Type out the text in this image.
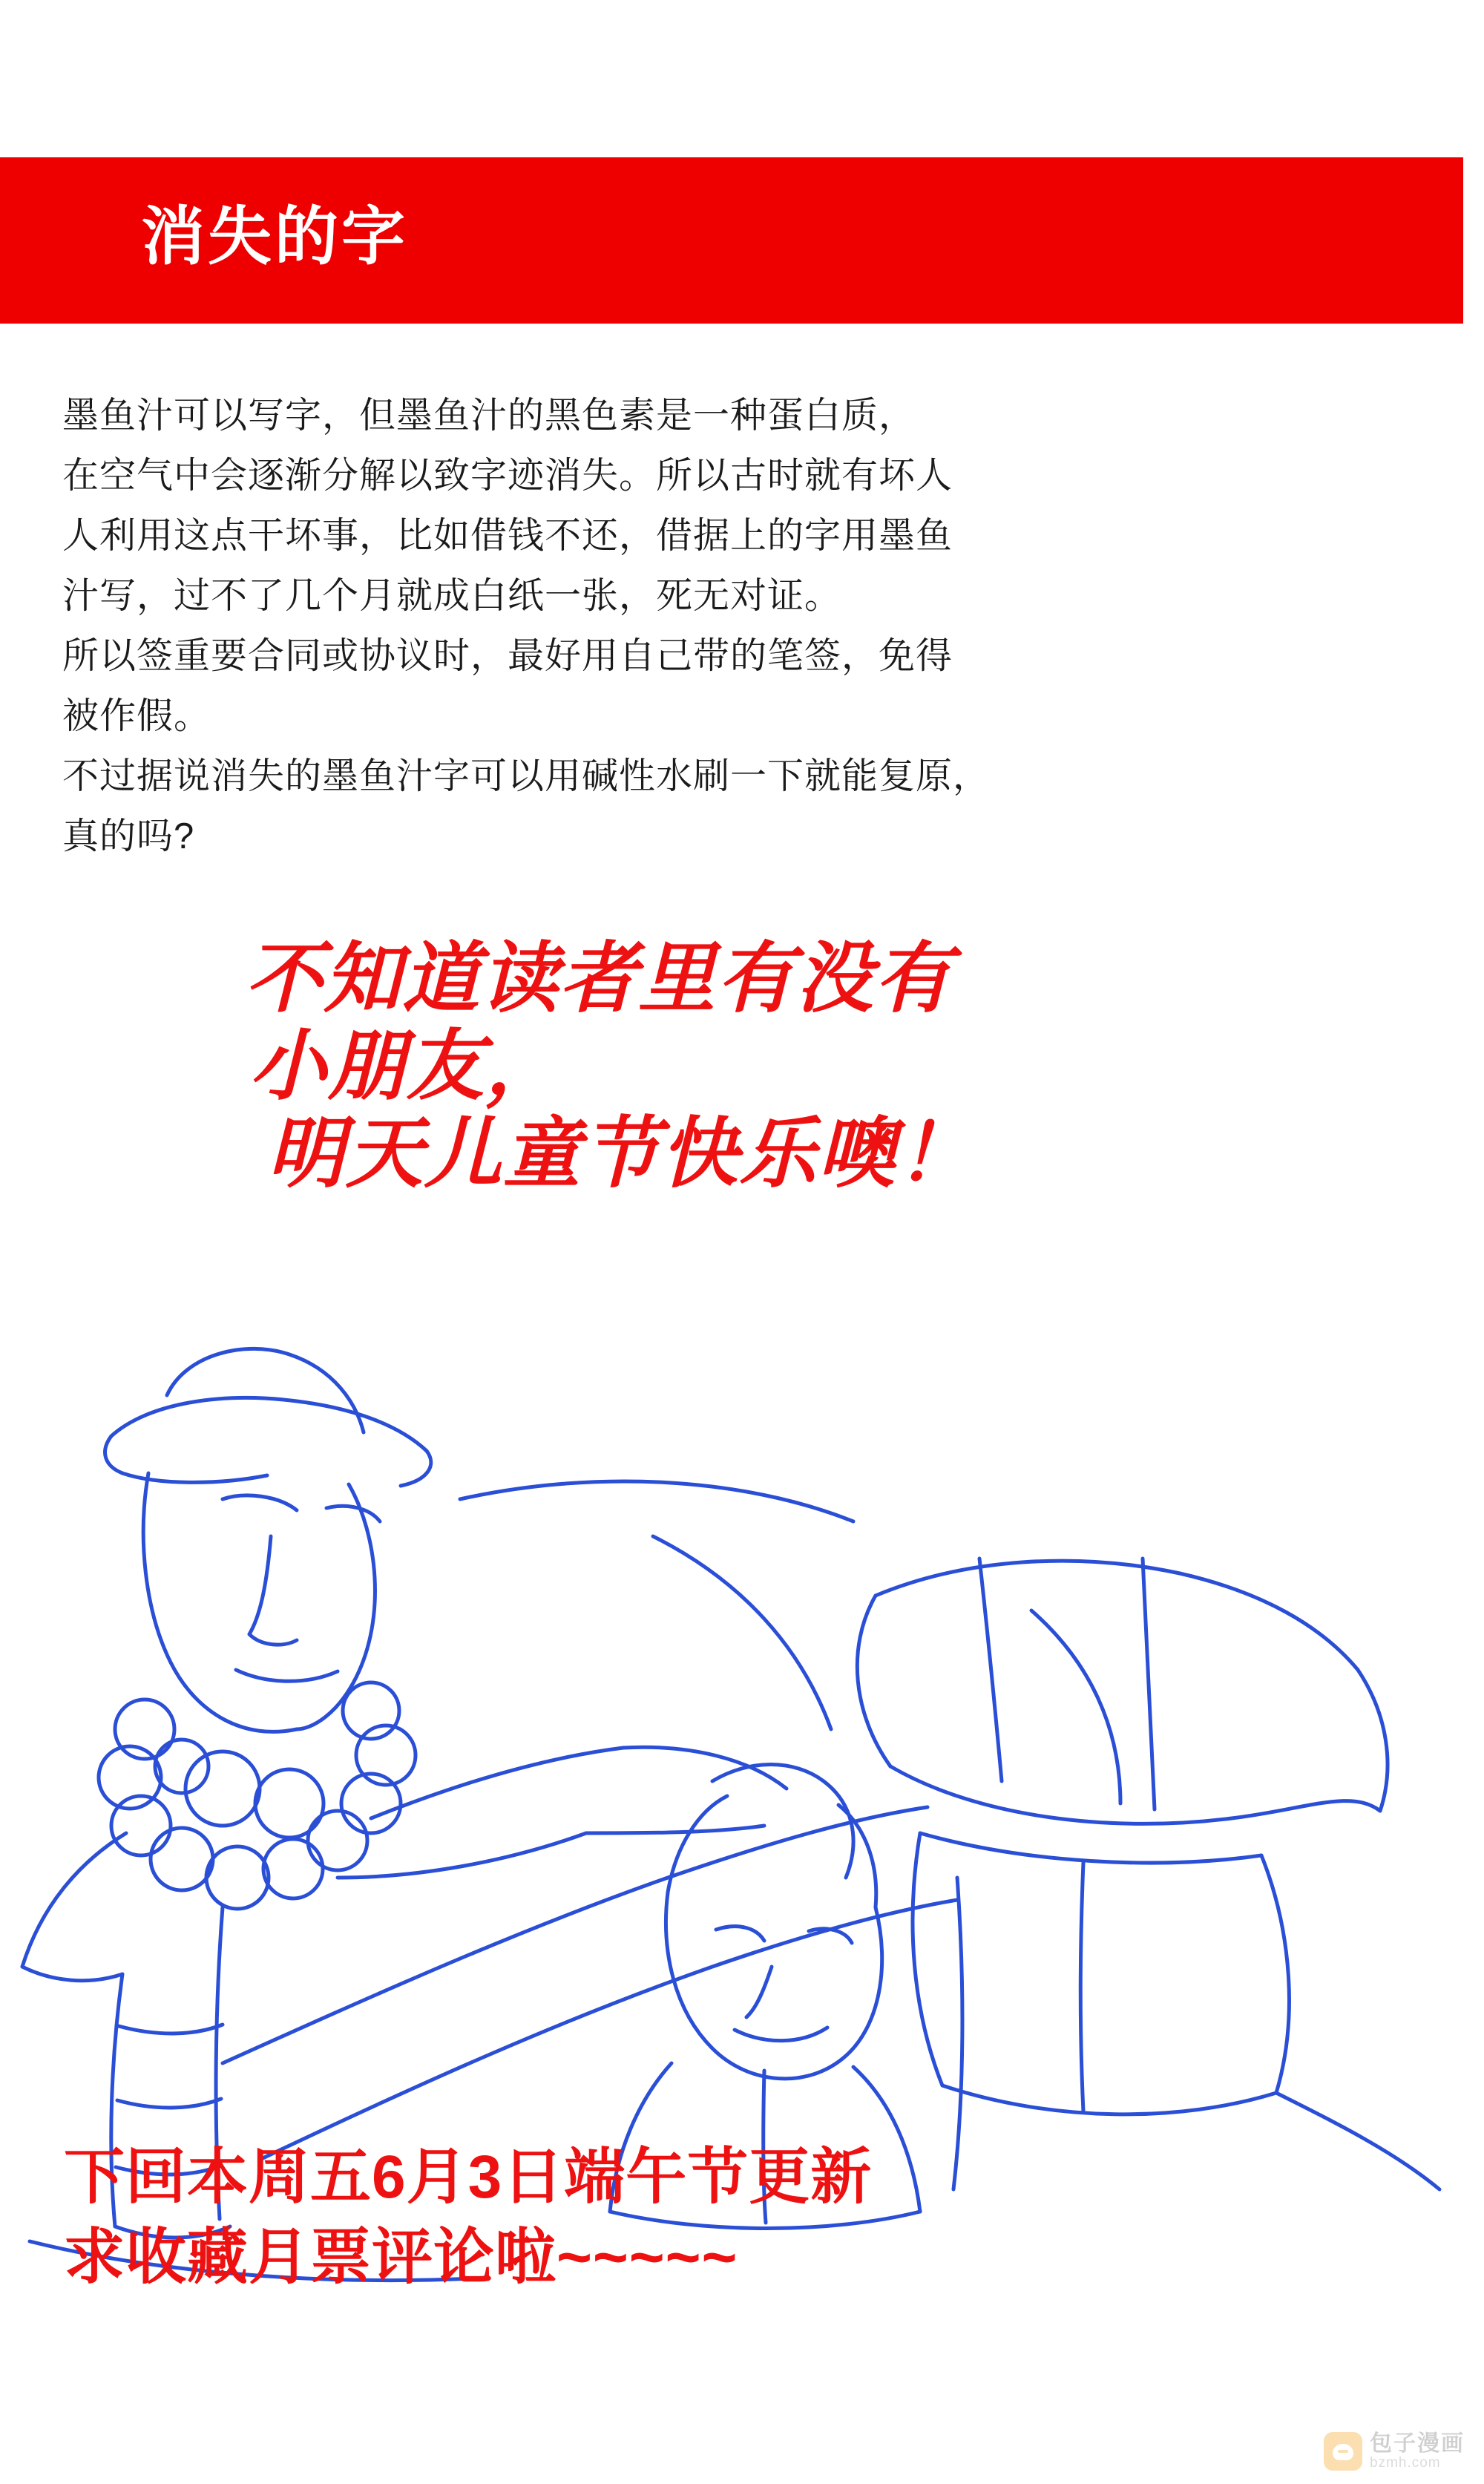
消失的字

墨鱼汁可以写字，但墨鱼汁的黑色素是一种蛋白质，

在空气中会逐渐分解以致字迹消失。所以古时就有坏人

人利用这点干坏事，比如借钱不还，借据上的字用墨鱼

汁写，过不了几个月就成白纸一张，死无对证。

所以签重要合同或协议时，最好用自己带的笔签，免得

被作假。

不过据说消失的墨鱼汁字可以用碱性水刷一下就能复原，

真的吗?

不知道读者里有没有
小朋友，
明天儿童节快乐噢！
下回本周五6月3日端午节更新
求收藏月票评论啦~~~~~
包子漫画
bzmh.com
